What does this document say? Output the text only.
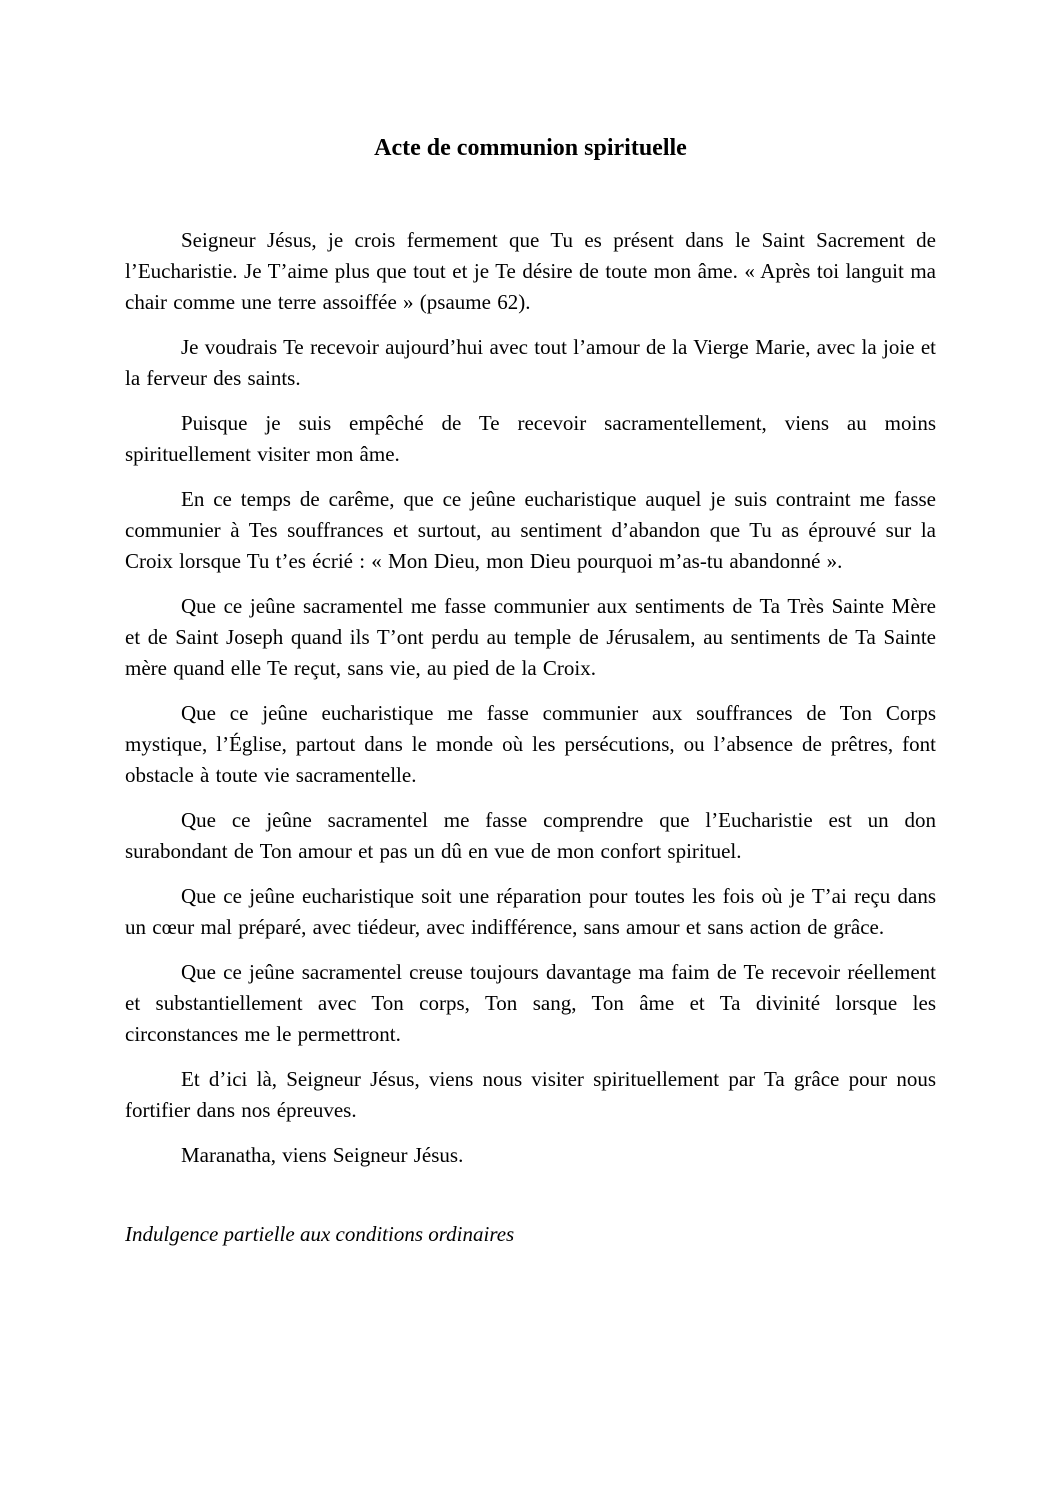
Acte de communion spirituelle

Seigneur Jésus, je crois fermement que Tu es présent dans le Saint Sacrement de l’Eucharistie. Je T’aime plus que tout et je Te désire de toute mon âme. « Après toi languit ma chair comme une terre assoiffée » (psaume 62).

Je voudrais Te recevoir aujourd’hui avec tout l’amour de la Vierge Marie, avec la joie et la ferveur des saints.

Puisque je suis empêché de Te recevoir sacramentellement, viens au moins spirituellement visiter mon âme.

En ce temps de carême, que ce jeûne eucharistique auquel je suis contraint me fasse communier à Tes souffrances et surtout, au sentiment d’abandon que Tu as éprouvé sur la Croix lorsque Tu t’es écrié : « Mon Dieu, mon Dieu pourquoi m’as-tu abandonné ».

Que ce jeûne sacramentel me fasse communier aux sentiments de Ta Très Sainte Mère et de Saint Joseph quand ils T’ont perdu au temple de Jérusalem, au sentiments de Ta Sainte mère quand elle Te reçut, sans vie, au pied de la Croix.

Que ce jeûne eucharistique me fasse communier aux souffrances de Ton Corps mystique, l’Église, partout dans le monde où les persécutions, ou l’absence de prêtres, font obstacle à toute vie sacramentelle.

Que ce jeûne sacramentel me fasse comprendre que l’Eucharistie est un don surabondant de Ton amour et pas un dû en vue de mon confort spirituel.

Que ce jeûne eucharistique soit une réparation pour toutes les fois où je T’ai reçu dans un cœur mal préparé, avec tiédeur, avec indifférence, sans amour et sans action de grâce.

Que ce jeûne sacramentel creuse toujours davantage ma faim de Te recevoir réellement et substantiellement avec Ton corps, Ton sang, Ton âme et Ta divinité lorsque les circonstances me le permettront.

Et d’ici là, Seigneur Jésus, viens nous visiter spirituellement par Ta grâce pour nous fortifier dans nos épreuves.

Maranatha, viens Seigneur Jésus.

Indulgence partielle aux conditions ordinaires
